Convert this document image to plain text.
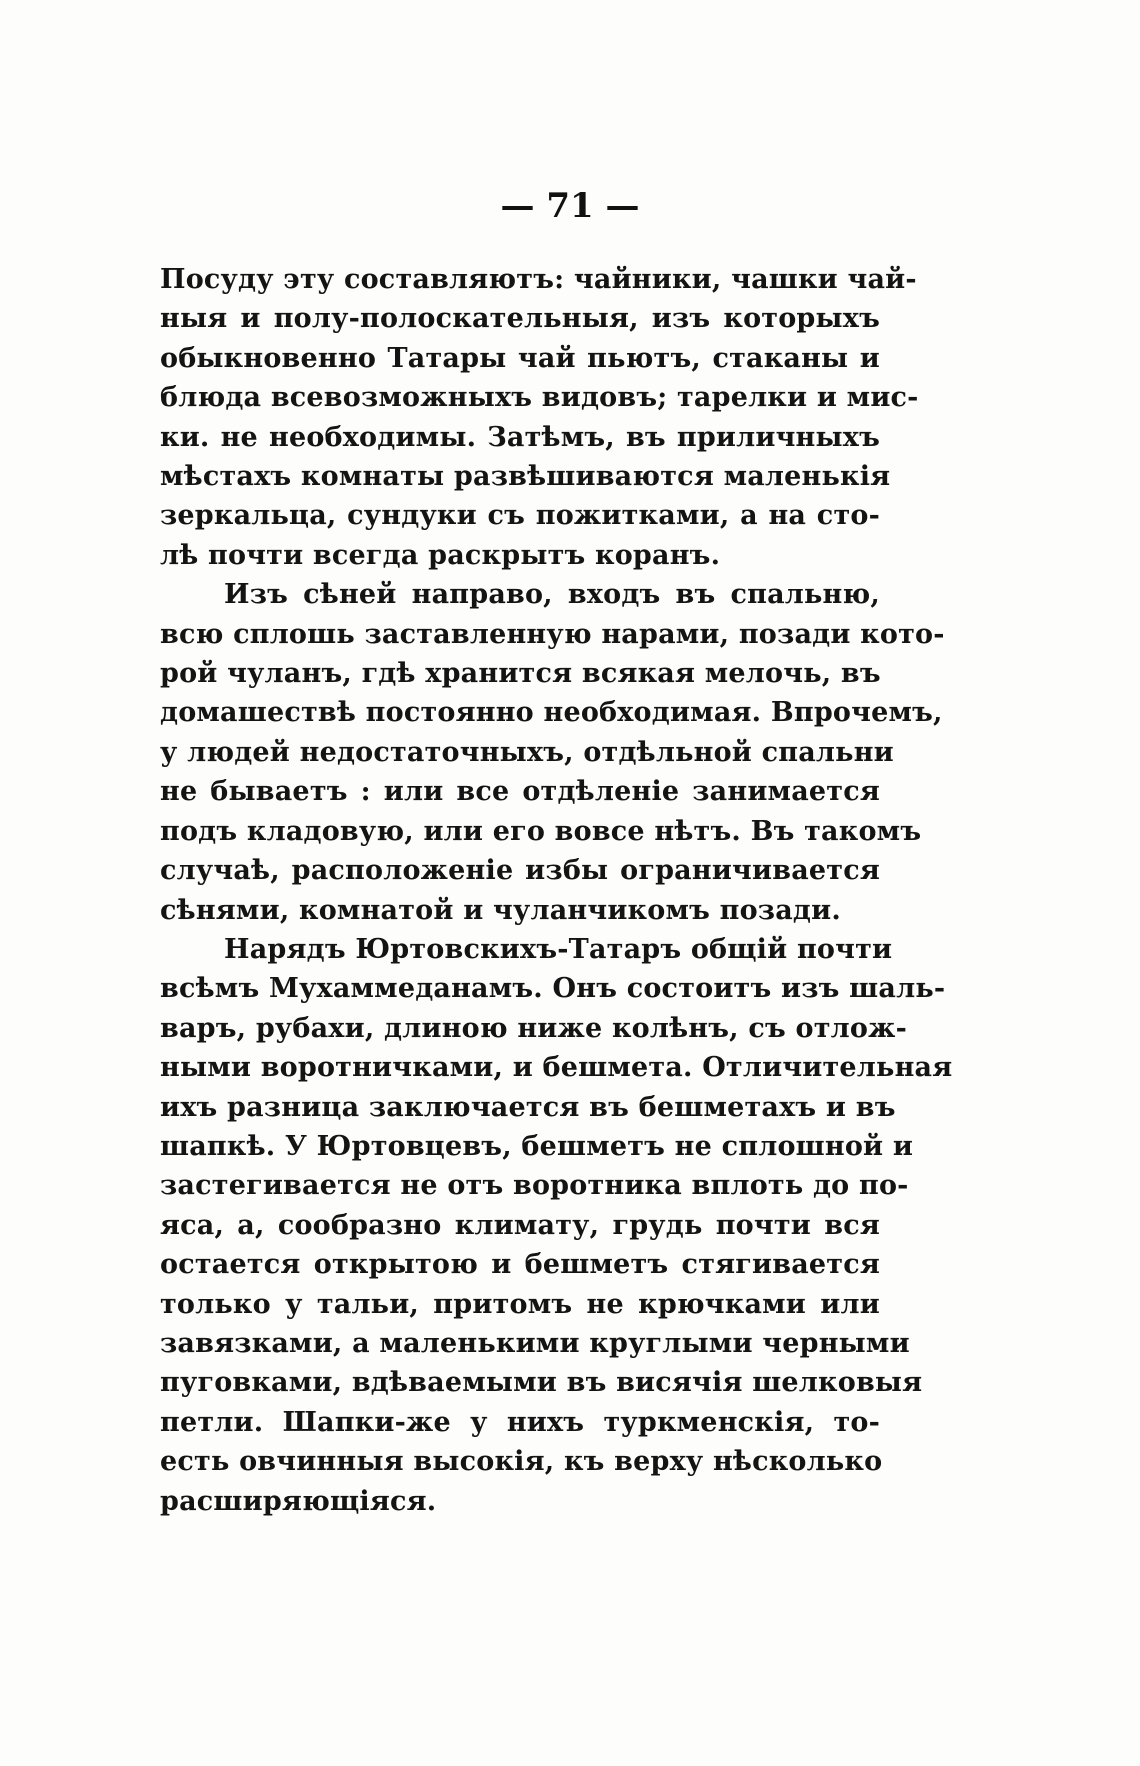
— 71 —
Посуду эту составляютъ: чайники, чашки чай-
ныя и полу-полоскательныя, изъ которыхъ
обыкновенно Татары чай пьютъ, стаканы и
блюда всевозможныхъ видовъ; тарелки и миc-
ки. не необходимы. Затѣмъ, въ приличныхъ
мѣстахъ комнаты развѣшиваются маленькія
зеркальца, сундуки съ пожитками, а на сто-
лѣ почти всегда раскрытъ коранъ.
Изъ сѣней направо, входъ въ спальню,
всю сплошь заставленную нарами, позади кото-
рой чуланъ, гдѣ хранится всякая мелочь, въ
домашествѣ постоянно необходимая. Впрочемъ,
у людей недостаточныхъ, отдѣльной спальни
не бываетъ : или все отдѣленіе занимается
подъ кладовую, или его вовсе нѣтъ. Въ такомъ
случаѣ, расположеніе избы ограничивается
сѣнями, комнатой и чуланчикомъ позади.
Нарядъ Юртовскихъ-Татаръ общій почти
всѣмъ Мухаммеданамъ. Онъ состоитъ изъ шаль-
варъ, рубахи, длиною ниже колѣнъ, съ отлож-
ными воротничками, и бешмета. Отличительная
ихъ разница заключается въ бешметахъ и въ
шапкѣ. У Юртовцевъ, бешметъ не сплошной и
застегивается не отъ воротника вплоть до по-
яса, а, сообразно климату, грудь почти вся
остается открытою и бешметъ стягивается
только у тальи, притомъ не крючками или
завязками, а маленькими круглыми черными
пуговками, вдѣваемыми въ висячія шелковыя
петли. Шапки-же у нихъ туркменскія, то-
есть овчинныя высокія, къ верху нѣсколько
расширяющіяся.
